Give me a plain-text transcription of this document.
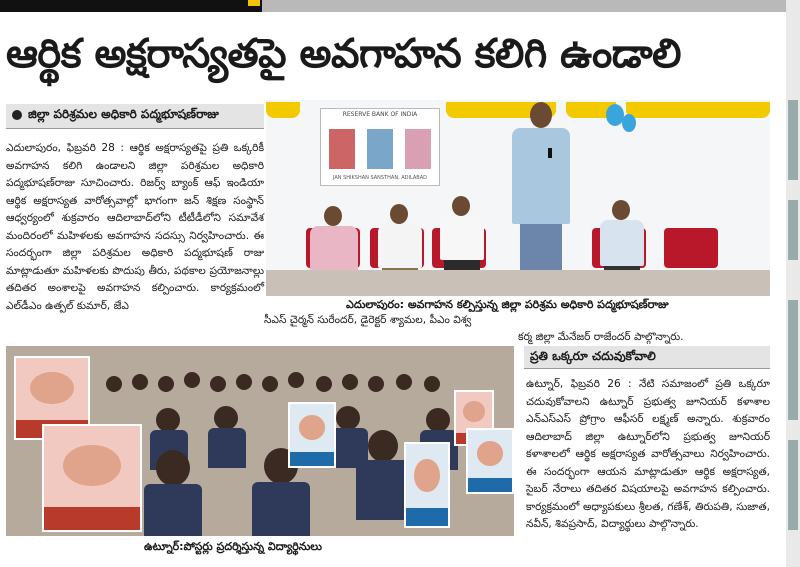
ఆర్థిక అక్షరాస్యతపై అవగాహన కలిగి ఉండాలి
జిల్లా పరిశ్రమల అధికారి పద్మభూషణ్‌రాజు

ఎదులాపురం, ఫిబ్రవరి 28 : ఆర్థిక అక్షరాస్యతపై ప్రతి ఒక్కరికీ అవగాహన కలిగి ఉండాలని జిల్లా పరిశ్రమల అధికారి పద్మభూషణ్‌రాజు సూచించారు. రిజర్వ్‌ బ్యాంక్‌ ఆఫ్‌ ఇండియా ఆర్థిక అక్షరాస్యత వారోత్సవాల్లో భాగంగా జన్‌ శిక్షణ సంస్థాన్‌ ఆధ్వర్యంలో శుక్రవారం ఆదిలాబాద్‌లోని టీటీడీలోని సమావేశ మందిరంలో మహిళలకు అవగాహన సదస్సు నిర్వహించారు. ఈ సందర్భంగా జిల్లా పరిశ్రమల అధికారి పద్మభూషణ్‌ రాజు మాట్లాడుతూ మహిళలకు పొదుపు తీరు, పథకాల ప్రయోజనాల్లు తదితర అంశాలపై అవగాహన కల్పించారు. కార్యక్రమంలో ఎల్‌డీఎం ఉత్పల్‌ కుమార్‌, జేఎ

RESERVE BANK OF INDIA
JAN SHIKSHAN SANSTHAN, ADILABAD
ఎదులాపురం: అవగాహన కల్పిస్తున్న జిల్లా పరిశ్రమ అధికారి పద్మభూషణ్‌రాజు

సీఎస్ చైర్మన్ సురేందర్, డైరెక్టర్ శ్యామల, పీఎం విశ్వ

కర్మ జిల్లా మేనేజర్ రాజేందర్ పాల్గొన్నారు.

ప్రతి ఒక్కరూ చదువుకోవాలి

ఉట్నూర్, ఫిబ్రవరి 26 : నేటి సమాజంలో ప్రతి ఒక్కరూ చదువుకోవాలని ఉట్నూర్ ప్రభుత్వ జూనియర్ కళాశాల ఎన్ఎస్ఎస్ ప్రోగ్రాం ఆఫీసర్ లక్ష్మణ్ అన్నారు. శుక్రవారం ఆదిలాబాద్ జిల్లా ఉట్నూర్‌లోని ప్రభుత్వ జూనియర్ కళాశాలలో ఆర్థిక అక్షరాస్యత వారోత్సవాలు నిర్వహించారు. ఈ సందర్భంగా ఆయన మాట్లాడుతూ ఆర్థిక అక్షరాస్యత, సైబర్ నేరాలు తదితర విషయాలపై అవగాహన కల్పించారు. కార్యక్రమంలో అధ్యాపకులు శ్రీలత, గణేశ్, తిరుపతి, సుజాత, నవీన్, శివప్రసాద్, విద్యార్థులు పాల్గొన్నారు.

ఉట్నూర్:పోస్టర్లు ప్రదర్శిస్తున్న విద్యార్థినులు
